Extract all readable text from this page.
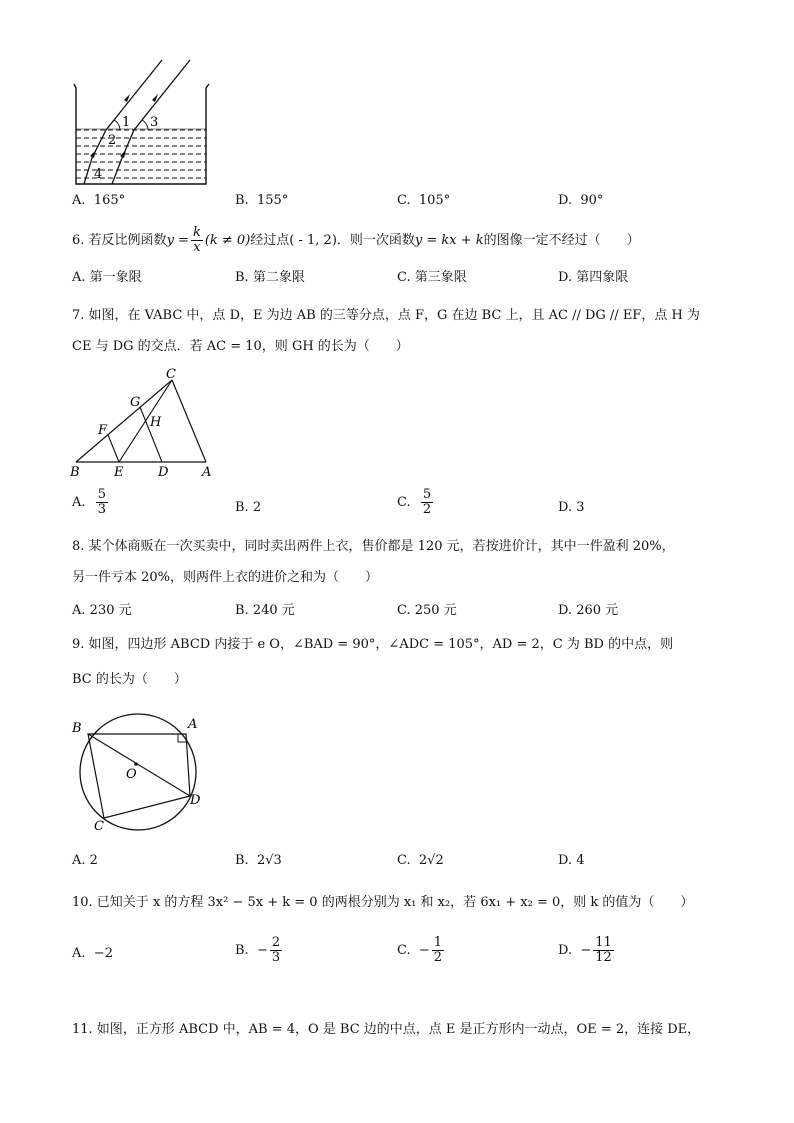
1
2
3
4
A. 165°	B. 155°	C. 105°	D. 90°
6. 若反比例函数$y = \frac{k}{x} (k \ne 0)$经过点( - 1, 2)．则一次函数y = kx + k的图像一定不经过（　　）
A. 第一象限	B. 第二象限	C. 第三象限	D. 第四象限
7. 如图，在 VABC 中，点 D，E 为边 AB 的三等分点，点 F，G 在边 BC 上，且 AC // DG // EF，点 H 为
CE 与 DG 的交点．若 AC = 10，则 GH 的长为（　　）
C
G
H
F
B	E	D	A
A. $\frac{5}{3}$	B. 2	C. $\frac{5}{2}$	D. 3
8. 某个体商贩在一次买卖中，同时卖出两件上衣，售价都是 120 元，若按进价计，其中一件盈利 20%，
另一件亏本 20%，则两件上衣的进价之和为（　　）
A. 230 元	B. 240 元	C. 250 元	D. 260 元
9. 如图，四边形 ABCD 内接于 e O，∠BAD = 90°，∠ADC = 105°，AD = 2，C 为 BD 的中点，则
BC 的长为（　　）
B	A
O
D
C
A. 2	B. 2√3	C. 2√2	D. 4
10. 已知关于 x 的方程 3x² − 5x + k = 0 的两根分别为 x₁ 和 x₂，若 6x₁ + x₂ = 0，则 k 的值为（　　）
A. −2	B. − $\frac{2}{3}$	C. − $\frac{1}{2}$	D. − $\frac{11}{12}$
11. 如图，正方形 ABCD 中，AB = 4，O 是 BC 边的中点，点 E 是正方形内一动点，OE = 2，连接 DE，
